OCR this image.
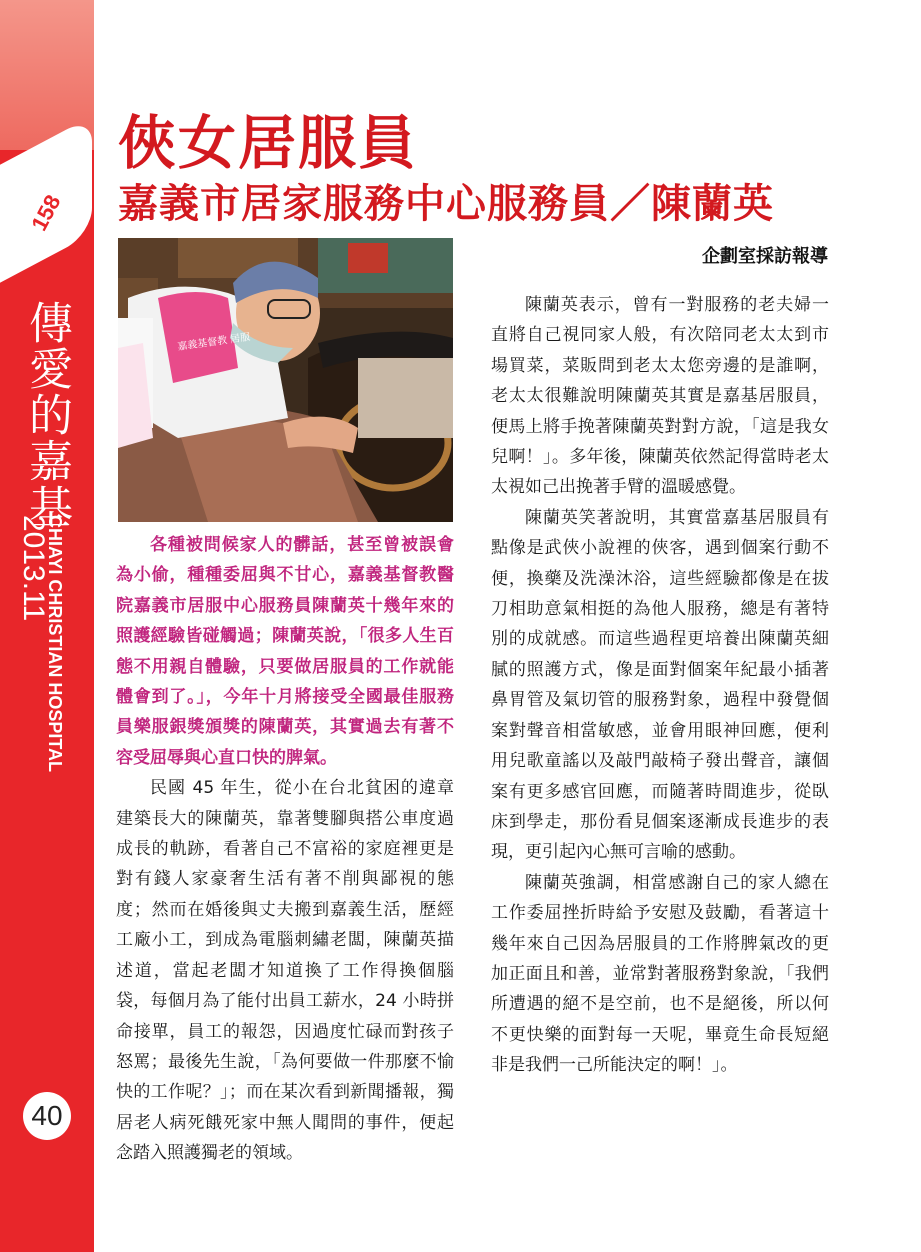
158
傳愛的嘉基
2013.11
CHIAYI CHRISTIAN HOSPITAL
40
俠女居服員
嘉義市居家服務中心服務員／陳蘭英
企劃室採訪報導
嘉義基督教 居服

各種被問候家人的髒話，甚至曾被誤會為小偷，種種委屈與不甘心，嘉義基督教醫院嘉義市居服中心服務員陳蘭英十幾年來的照護經驗皆碰觸過；陳蘭英說，「很多人生百態不用親自體驗，只要做居服員的工作就能體會到了。」，今年十月將接受全國最佳服務員樂服銀獎頒獎的陳蘭英，其實過去有著不容受屈辱與心直口快的脾氣。

民國 45 年生，從小在台北貧困的違章建築長大的陳蘭英，靠著雙腳與搭公車度過成長的軌跡，看著自己不富裕的家庭裡更是對有錢人家豪奢生活有著不削與鄙視的態度；然而在婚後與丈夫搬到嘉義生活，歷經工廠小工，到成為電腦刺繡老闆，陳蘭英描述道，當起老闆才知道換了工作得換個腦袋，每個月為了能付出員工薪水，24 小時拼命接單，員工的報怨，因過度忙碌而對孩子怒罵；最後先生說，「為何要做一件那麼不愉快的工作呢？」；而在某次看到新聞播報，獨居老人病死餓死家中無人聞問的事件，便起念踏入照護獨老的領域。

陳蘭英表示，曾有一對服務的老夫婦一直將自己視同家人般，有次陪同老太太到市場買菜，菜販問到老太太您旁邊的是誰啊，老太太很難說明陳蘭英其實是嘉基居服員，便馬上將手挽著陳蘭英對對方說，「這是我女兒啊！」。多年後，陳蘭英依然記得當時老太太視如己出挽著手臂的溫暖感覺。

陳蘭英笑著說明，其實當嘉基居服員有點像是武俠小說裡的俠客，遇到個案行動不便，換藥及洗澡沐浴，這些經驗都像是在拔刀相助意氣相挺的為他人服務，總是有著特別的成就感。而這些過程更培養出陳蘭英細膩的照護方式，像是面對個案年紀最小插著鼻胃管及氣切管的服務對象，過程中發覺個案對聲音相當敏感，並會用眼神回應，便利用兒歌童謠以及敲門敲椅子發出聲音，讓個案有更多感官回應，而隨著時間進步，從臥床到學走，那份看見個案逐漸成長進步的表現，更引起內心無可言喻的感動。

陳蘭英強調，相當感謝自己的家人總在工作委屈挫折時給予安慰及鼓勵，看著這十幾年來自己因為居服員的工作將脾氣改的更加正面且和善，並常對著服務對象說，「我們所遭遇的絕不是空前，也不是絕後，所以何不更快樂的面對每一天呢，畢竟生命長短絕非是我們一己所能決定的啊！」。
